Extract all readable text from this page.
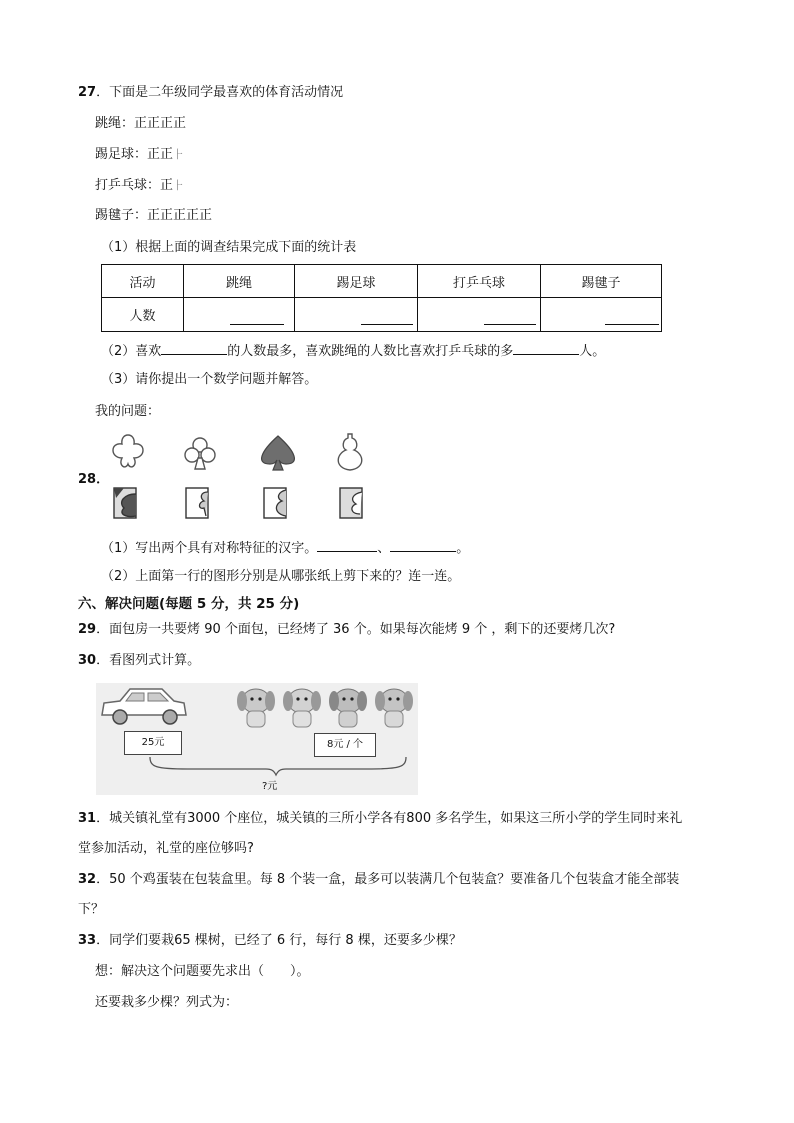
27．下面是二年级同学最喜欢的体育活动情况
跳绳：正正正正
踢足球：正正⺊
打乒乓球：正⺊
踢毽子：正正正正正
（1）根据上面的调查结果完成下面的统计表
活动	跳绳	踢足球	打乒乓球	踢毽子
人数	

（2）喜欢	的人数最多，喜欢跳绳的人数比喜欢打乒乓球的多	人。
（3）请你提出一个数学问题并解答。
我的问题：
28．
（1）写出两个具有对称特征的汉字。	、	。
（2）上面第一行的图形分别是从哪张纸上剪下来的？连一连。
六、解决问题(每题 5 分，共 25 分)
29．面包房一共要烤 90 个面包，已经烤了 36 个。如果每次能烤 9 个 ，剩下的还要烤几次?
30．看图列式计算。
25元	8元 / 个
?元
31．城关镇礼堂有3000 个座位，城关镇的三所小学各有800 多名学生，如果这三所小学的学生同时来礼
堂参加活动，礼堂的座位够吗?
32．50 个鸡蛋装在包装盒里。每 8 个装一盒，最多可以装满几个包装盒？要准备几个包装盒才能全部装
下？
33．同学们要栽65 棵树，已经了 6 行，每行 8 棵，还要多少棵？
想：解决这个问题要先求出（　　）。
还要栽多少棵？列式为：
